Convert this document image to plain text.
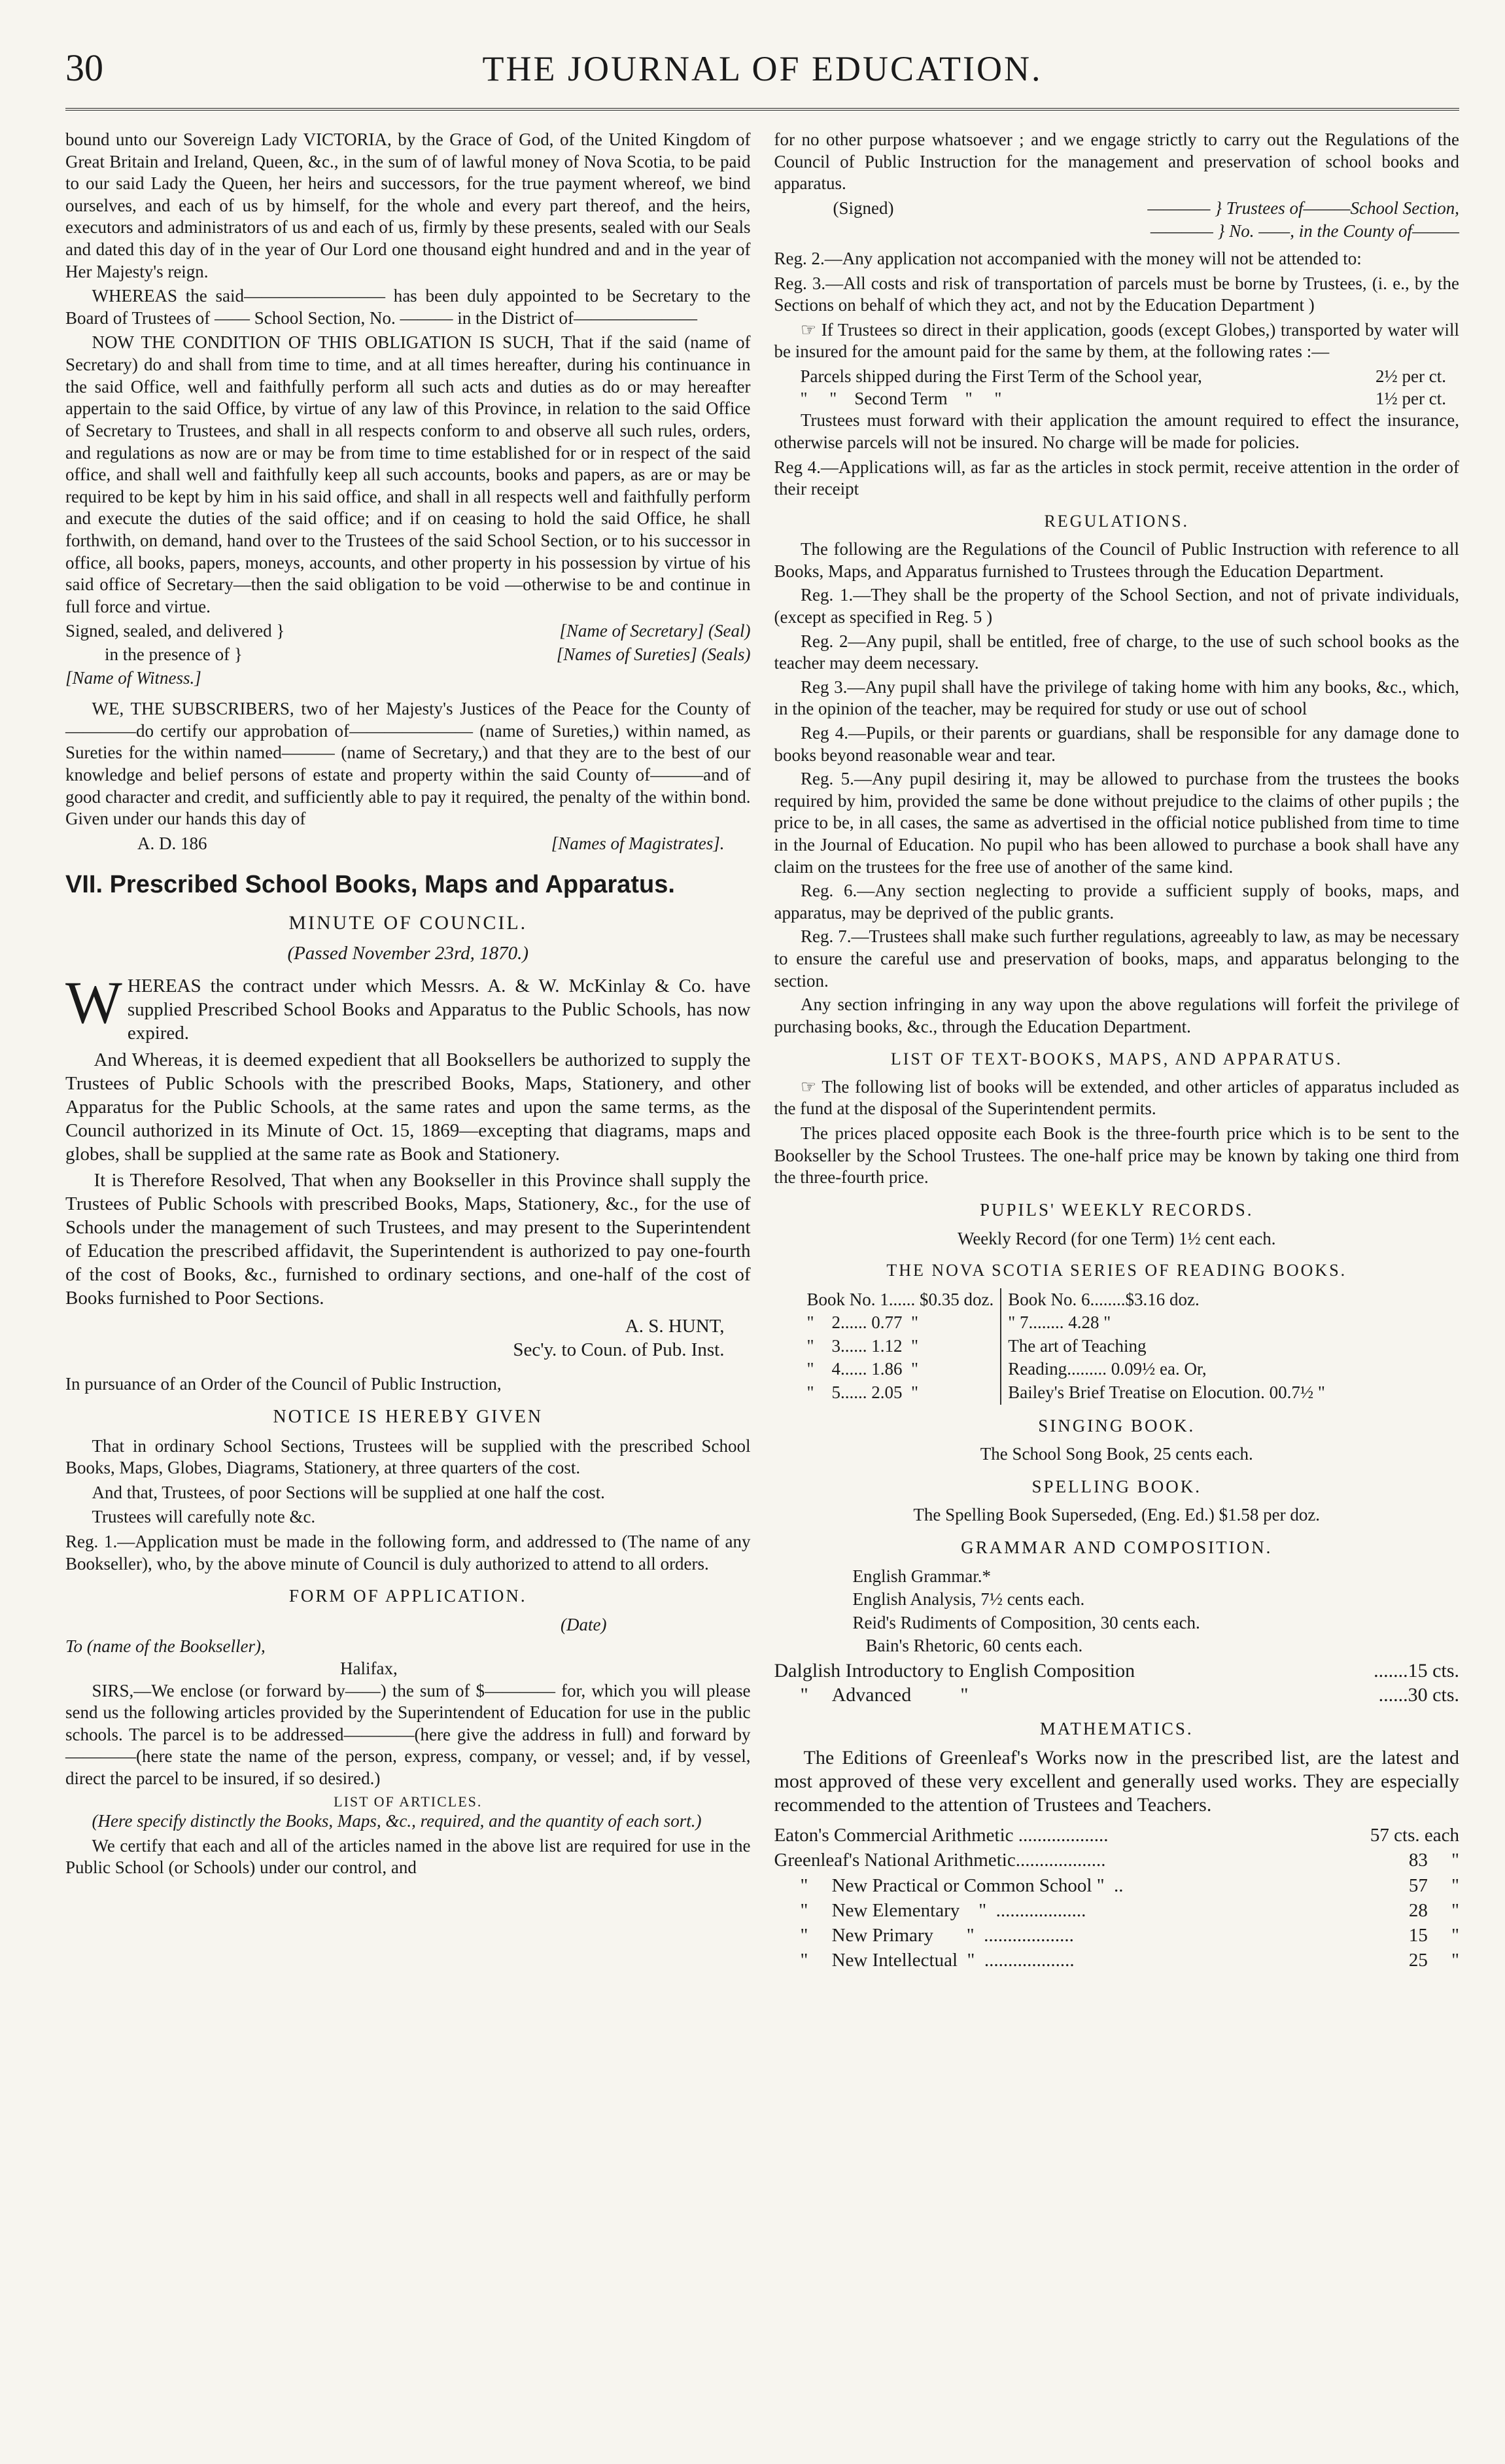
30	THE JOURNAL OF EDUCATION.

bound unto our Sovereign Lady VICTORIA, by the Grace of God, of the United Kingdom of Great Britain and Ireland, Queen, &c., in the sum of of lawful money of Nova Scotia, to be paid to our said Lady the Queen, her heirs and successors, for the true payment whereof, we bind ourselves, and each of us by himself, for the whole and every part thereof, and the heirs, executors and administrators of us and each of us, firmly by these presents, sealed with our Seals and dated this day of in the year of Our Lord one thousand eight hundred and and in the year of Her Majesty's reign.

WHEREAS the said———————— has been duly appointed to be Secretary to the Board of Trustees of —— School Section, No. ——— in the District of———————

NOW THE CONDITION OF THIS OBLIGATION IS SUCH, That if the said (name of Secretary) do and shall from time to time, and at all times hereafter, during his continuance in the said Office, well and faithfully perform all such acts and duties as do or may hereafter appertain to the said Office, by virtue of any law of this Province, in relation to the said Office of Secretary to Trustees, and shall in all respects conform to and observe all such rules, orders, and regulations as now are or may be from time to time established for or in respect of the said office, and shall well and faithfully keep all such accounts, books and papers, as are or may be required to be kept by him in his said office, and shall in all respects well and faithfully perform and execute the duties of the said office; and if on ceasing to hold the said Office, he shall forthwith, on demand, hand over to the Trustees of the said School Section, or to his successor in office, all books, papers, moneys, accounts, and other property in his possession by virtue of his said office of Secretary—then the said obligation to be void —otherwise to be and continue in full force and virtue.

Signed, sealed, and delivered }	[Name of Secretary] (Seal)
in the presence of }	[Names of Sureties] (Seals)
[Name of Witness.]

WE, THE SUBSCRIBERS, two of her Majesty's Justices of the Peace for the County of————do certify our approbation of——————— (name of Sureties,) within named, as Sureties for the within named——— (name of Secretary,) and that they are to the best of our knowledge and belief persons of estate and property within the said County of———and of good character and credit, and sufficiently able to pay it required, the penalty of the within bond. Given under our hands this day of

A. D. 186	[Names of Magistrates].
VII. Prescribed School Books, Maps and Apparatus.
MINUTE OF COUNCIL.
(Passed November 23rd, 1870.)

WHEREAS the contract under which Messrs. A. & W. McKinlay & Co. have supplied Prescribed School Books and Apparatus to the Public Schools, has now expired.

And Whereas, it is deemed expedient that all Booksellers be authorized to supply the Trustees of Public Schools with the prescribed Books, Maps, Stationery, and other Apparatus for the Public Schools, at the same rates and upon the same terms, as the Council authorized in its Minute of Oct. 15, 1869—excepting that diagrams, maps and globes, shall be supplied at the same rate as Book and Stationery.

It is Therefore Resolved, That when any Bookseller in this Province shall supply the Trustees of Public Schools with prescribed Books, Maps, Stationery, &c., for the use of Schools under the management of such Trustees, and may present to the Superintendent of Education the prescribed affidavit, the Superintendent is authorized to pay one-fourth of the cost of Books, &c., furnished to ordinary sections, and one-half of the cost of Books furnished to Poor Sections.

A. S. HUNT,
Sec'y. to Coun. of Pub. Inst.

In pursuance of an Order of the Council of Public Instruction,

NOTICE IS HEREBY GIVEN

That in ordinary School Sections, Trustees will be supplied with the prescribed School Books, Maps, Globes, Diagrams, Stationery, at three quarters of the cost.

And that, Trustees, of poor Sections will be supplied at one half the cost.

Trustees will carefully note &c.

Reg. 1.—Application must be made in the following form, and addressed to (The name of any Bookseller), who, by the above minute of Council is duly authorized to attend to all orders.

FORM OF APPLICATION.
(Date)
To (name of the Bookseller),
Halifax,

SIRS,—We enclose (or forward by——) the sum of $———— for, which you will please send us the following articles provided by the Superintendent of Education for use in the public schools. The parcel is to be addressed————(here give the address in full) and forward by————(here state the name of the person, express, company, or vessel; and, if by vessel, direct the parcel to be insured, if so desired.)

LIST OF ARTICLES.

(Here specify distinctly the Books, Maps, &c., required, and the quantity of each sort.)

We certify that each and all of the articles named in the above list are required for use in the Public School (or Schools) under our control, and

for no other purpose whatsoever ; and we engage strictly to carry out the Regulations of the Council of Public Instruction for the management and preservation of school books and apparatus.

(Signed)	———— } Trustees of———School Section,
———— } No. ——, in the County of———

Reg. 2.—Any application not accompanied with the money will not be attended to:

Reg. 3.—All costs and risk of transportation of parcels must be borne by Trustees, (i. e., by the Sections on behalf of which they act, and not by the Education Department )

☞ If Trustees so direct in their application, goods (except Globes,) transported by water will be insured for the amount paid for the same by them, at the following rates :—

Parcels shipped during the First Term of the School year,	2½ per ct.
"     "    Second Term    "     "	1½ per ct.

Trustees must forward with their application the amount required to effect the insurance, otherwise parcels will not be insured. No charge will be made for policies.

Reg 4.—Applications will, as far as the articles in stock permit, receive attention in the order of their receipt

REGULATIONS.

The following are the Regulations of the Council of Public Instruction with reference to all Books, Maps, and Apparatus furnished to Trustees through the Education Department.

Reg. 1.—They shall be the property of the School Section, and not of private individuals, (except as specified in Reg. 5 )

Reg. 2—Any pupil, shall be entitled, free of charge, to the use of such school books as the teacher may deem necessary.

Reg 3.—Any pupil shall have the privilege of taking home with him any books, &c., which, in the opinion of the teacher, may be required for study or use out of school

Reg 4.—Pupils, or their parents or guardians, shall be responsible for any damage done to books beyond reasonable wear and tear.

Reg. 5.—Any pupil desiring it, may be allowed to purchase from the trustees the books required by him, provided the same be done without prejudice to the claims of other pupils ; the price to be, in all cases, the same as advertised in the official notice published from time to time in the Journal of Education. No pupil who has been allowed to purchase a book shall have any claim on the trustees for the free use of another of the same kind.

Reg. 6.—Any section neglecting to provide a sufficient supply of books, maps, and apparatus, may be deprived of the public grants.

Reg. 7.—Trustees shall make such further regulations, agreeably to law, as may be necessary to ensure the careful use and preservation of books, maps, and apparatus belonging to the section.

Any section infringing in any way upon the above regulations will forfeit the privilege of purchasing books, &c., through the Education Department.

LIST OF TEXT-BOOKS, MAPS, AND APPARATUS.

☞ The following list of books will be extended, and other articles of apparatus included as the fund at the disposal of the Superintendent permits.

The prices placed opposite each Book is the three-fourth price which is to be sent to the Bookseller by the School Trustees. The one-half price may be known by taking one third from the three-fourth price.

PUPILS' WEEKLY RECORDS.
Weekly Record (for one Term) 1½ cent each.
THE NOVA SCOTIA SERIES OF READING BOOKS.
Book No. 1...... $0.35 doz.	Book No. 6........$3.16 doz.
"    2...... 0.77  "	" 7........ 4.28 "
"    3...... 1.12  "	The art of Teaching
"    4...... 1.86  "	Reading......... 0.09½ ea. Or,
"    5...... 2.05  "	Bailey's Brief Treatise on Elocution. 00.7½ "
SINGING BOOK.
The School Song Book, 25 cents each.
SPELLING BOOK.
The Spelling Book Superseded, (Eng. Ed.) $1.58 per doz.
GRAMMAR AND COMPOSITION.
English Grammar.*
English Analysis, 7½ cents each.
Reid's Rudiments of Composition, 30 cents each.
Bain's Rhetoric, 60 cents each.
Dalglish Introductory to English Composition	.......15 cts.
"     Advanced          "	......30 cts.
MATHEMATICS.

The Editions of Greenleaf's Works now in the prescribed list, are the latest and most approved of these very excellent and generally used works. They are especially recommended to the attention of Trustees and Teachers.

Eaton's Commercial Arithmetic ...................	57 cts. each
Greenleaf's National Arithmetic...................	83     "
"     New Practical or Common School "  ..	57     "
"     New Elementary    "  ...................	28     "
"     New Primary       "  ...................	15     "
"     New Intellectual  "  ...................	25     "
